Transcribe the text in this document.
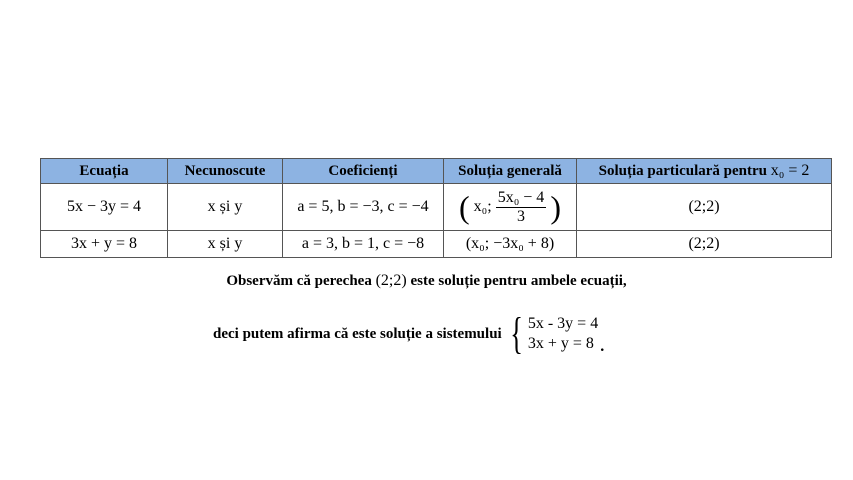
Ecuația	Necunoscute	Coeficienți	Soluția generală	Soluția particulară pentru x₀ = 2
5x − 3y = 4	x și y	a = 5, b = −3, c = −4	( x₀; $\frac{\text{5x₀ − 4}}{3}$ )	(2;2)
3x + y = 8	x și y	a = 3, b = 1, c = −8	(x₀; −3x₀ + 8)	(2;2)
Observăm că perechea (2;2) este soluție pentru ambele ecuații,
deci putem afirma că este soluție a sistemului { 5x - 3y = 4
3x + y = 8 .
